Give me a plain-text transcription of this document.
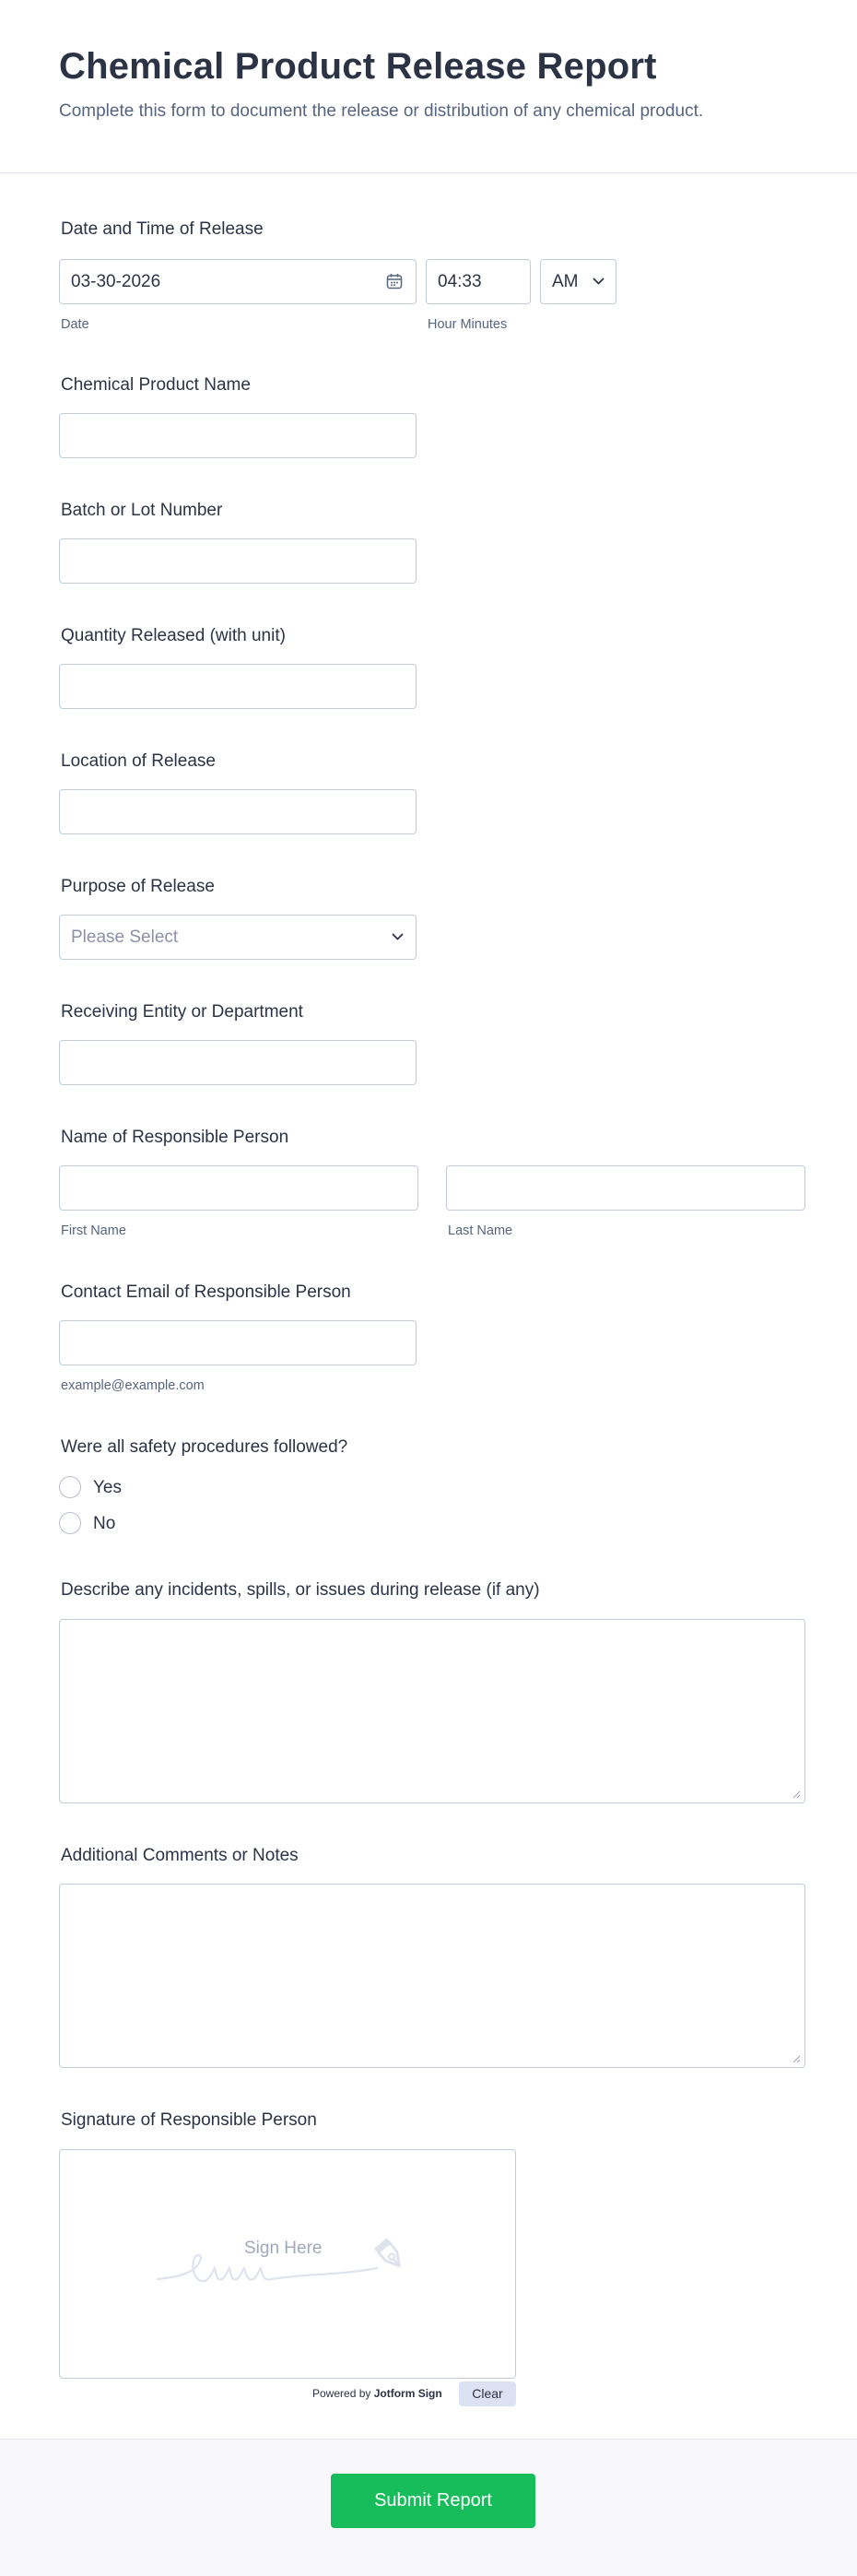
Chemical Product Release Report
Complete this form to document the release or distribution of any chemical product.
Date and Time of Release
03-30-2026
Date
04:33
Hour Minutes
AM
Chemical Product Name
Batch or Lot Number
Quantity Released (with unit)
Location of Release
Purpose of Release
Please Select
Receiving Entity or Department
Name of Responsible Person
First Name	Last Name
Contact Email of Responsible Person
example@example.com
Were all safety procedures followed?
Yes
No
Describe any incidents, spills, or issues during release (if any)
Additional Comments or Notes
Signature of Responsible Person
Sign Here
Powered by Jotform Sign	Clear
Submit Report
